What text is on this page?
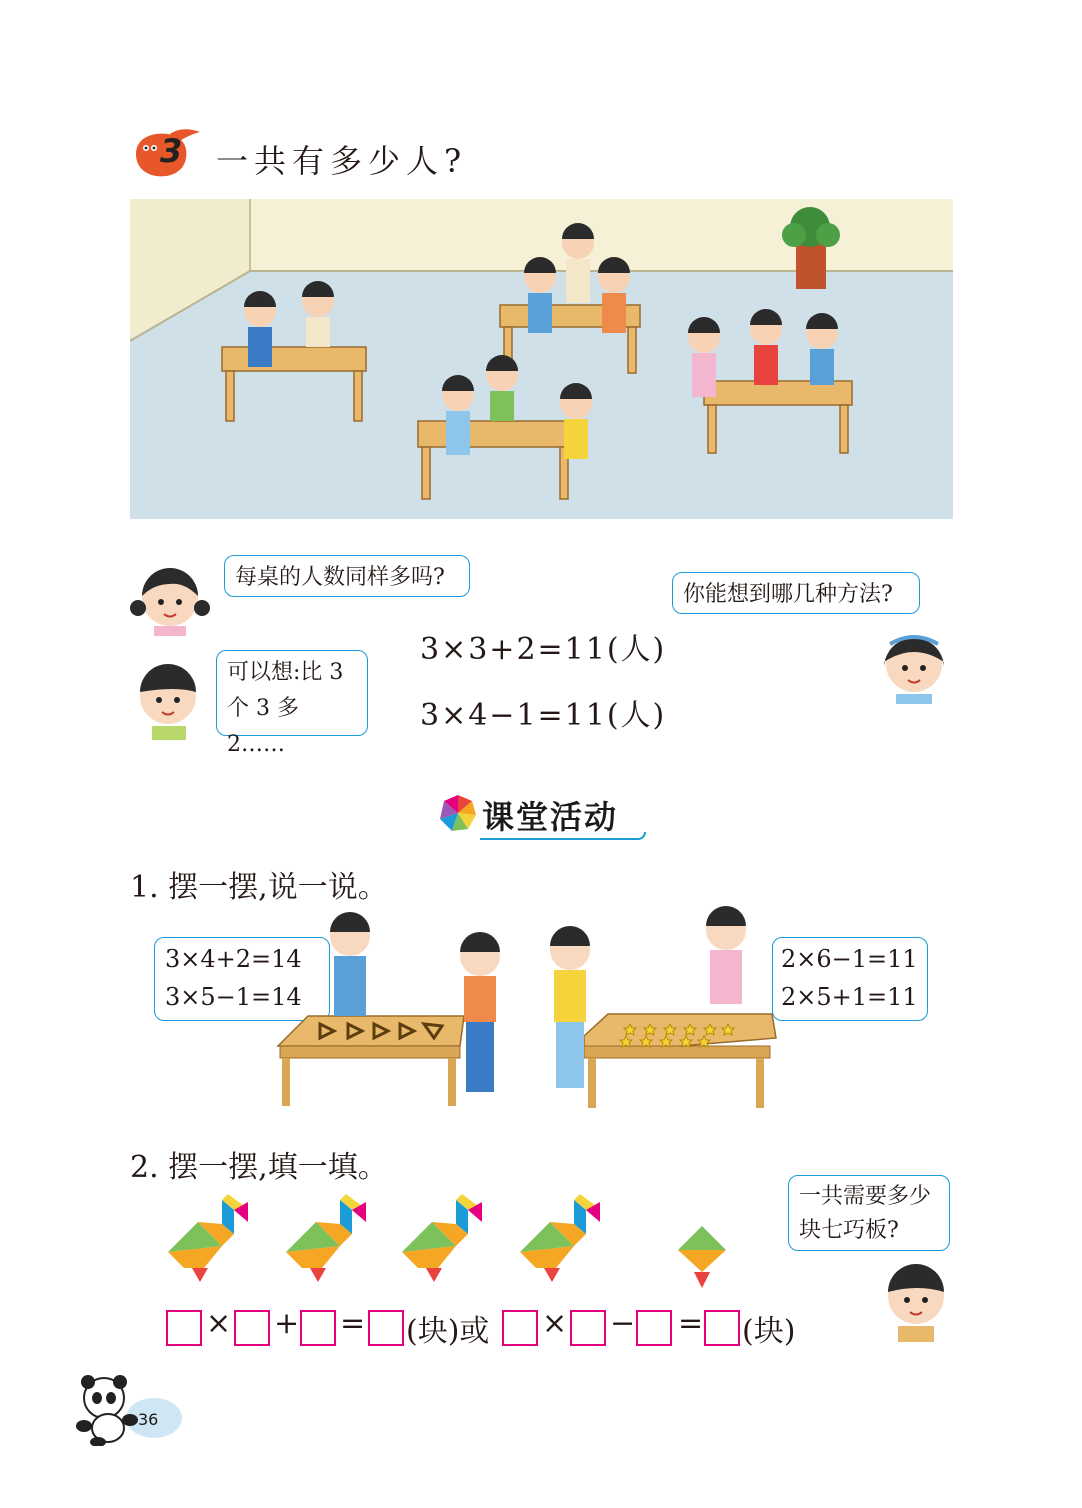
3 一共有多少人?
每桌的人数同样多吗?
可以想:比 3
个 3 多 2……
3×3+2=11(人)
3×4−1=11(人)
你能想到哪几种方法?
课堂活动
1. 摆一摆,说一说。
3×4+2=14
3×5−1=14
2×6−1=11
2×5+1=11
2. 摆一摆,填一填。
一共需要多少
块七巧板?
× + = (块)或 × − = (块)
36
